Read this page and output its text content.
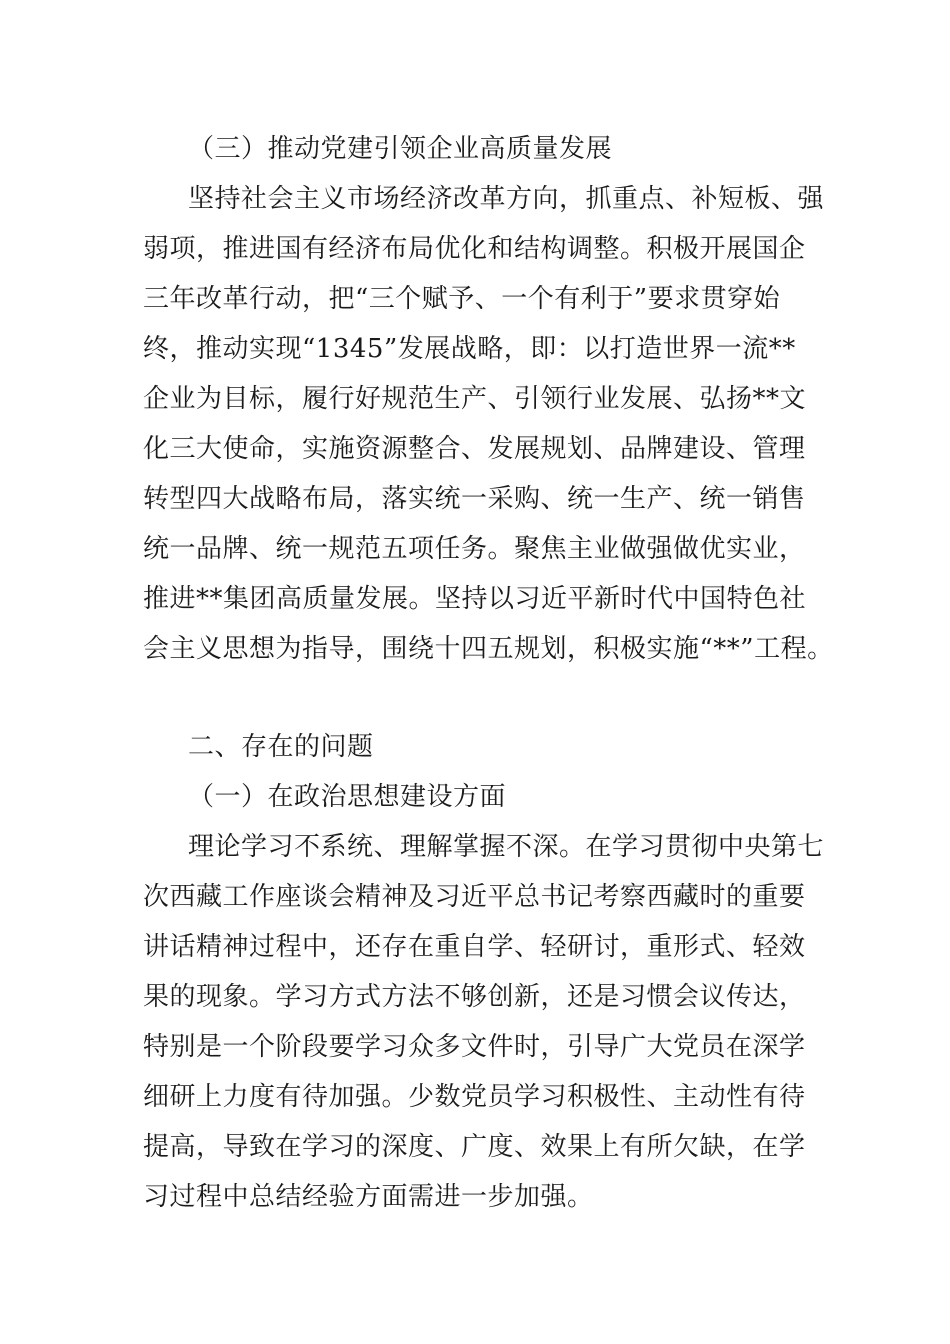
（三）推动党建引领企业高质量发展
坚持社会主义市场经济改革方向，抓重点、补短板、强
弱项，推进国有经济布局优化和结构调整。积极开展国企
三年改革行动，把“三个赋予、一个有利于”要求贯穿始
终，推动实现“1345”发展战略，即：以打造世界一流**
企业为目标，履行好规范生产、引领行业发展、弘扬**文
化三大使命，实施资源整合、发展规划、品牌建设、管理
转型四大战略布局，落实统一采购、统一生产、统一销售
统一品牌、统一规范五项任务。聚焦主业做强做优实业，
推进**集团高质量发展。坚持以习近平新时代中国特色社
会主义思想为指导，围绕十四五规划，积极实施“**”工程。
二、存在的问题
（一）在政治思想建设方面
理论学习不系统、理解掌握不深。在学习贯彻中央第七
次西藏工作座谈会精神及习近平总书记考察西藏时的重要
讲话精神过程中，还存在重自学、轻研讨，重形式、轻效
果的现象。学习方式方法不够创新，还是习惯会议传达，
特别是一个阶段要学习众多文件时，引导广大党员在深学
细研上力度有待加强。少数党员学习积极性、主动性有待
提高，导致在学习的深度、广度、效果上有所欠缺，在学
习过程中总结经验方面需进一步加强。
